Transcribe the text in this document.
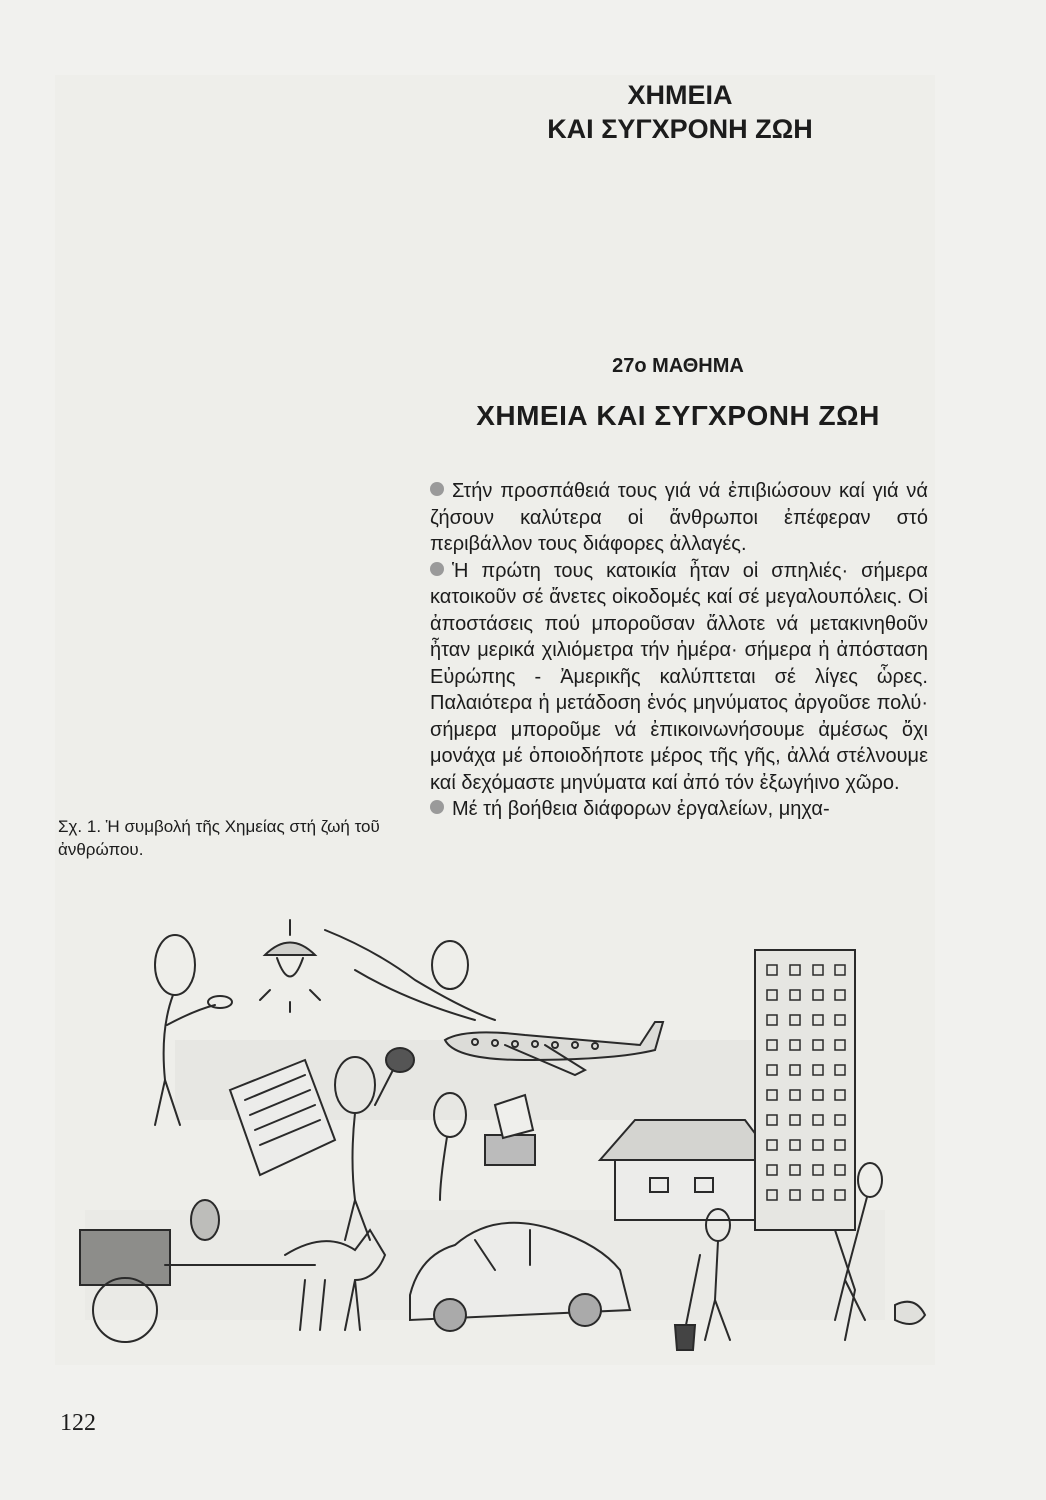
ΧΗΜΕΙΑ
ΚΑΙ ΣΥΓΧΡΟΝΗ ΖΩΗ
27ο ΜΑΘΗΜΑ
ΧΗΜΕΙΑ ΚΑΙ ΣΥΓΧΡΟΝΗ ΖΩΗ

Στήν προσπάθειά τους γιά νά ἐπιβιώσουν καί γιά νά ζήσουν καλύτερα οἱ ἄνθρωποι ἐπέφεραν στό περιβάλλον τους διάφορες ἀλλαγές.

Ἡ πρώτη τους κατοικία ἦταν οἱ σπηλιές· σήμερα κατοικοῦν σέ ἄνετες οἰκοδομές καί σέ μεγαλουπόλεις. Οἱ ἀποστάσεις πού μποροῦσαν ἄλλοτε νά μετακινηθοῦν ἦταν μερικά χιλιόμετρα τήν ἡμέρα· σήμερα ἡ ἀπόσταση Εὐρώπης - Ἀμερικῆς καλύπτεται σέ λίγες ὧρες. Παλαιότερα ἡ μετάδοση ἑνός μηνύματος ἀργοῦσε πολύ· σήμερα μποροῦμε νά ἐπικοινωνήσουμε ἀμέσως ὄχι μονάχα μέ ὁποιοδήποτε μέρος τῆς γῆς, ἀλλά στέλνουμε καί δεχόμαστε μηνύματα καί ἀπό τόν ἐξωγήινο χῶρο.

Μέ τή βοήθεια διάφορων ἐργαλείων, μηχα-

Σχ. 1. Ἡ συμβολή τῆς Χημείας στή ζωή τοῦ ἀνθρώπου.

122
